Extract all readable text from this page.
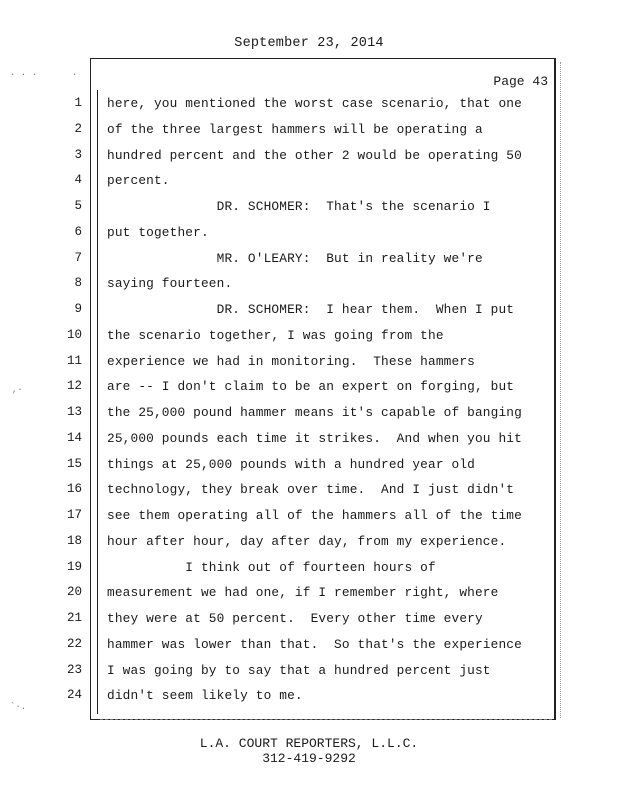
September 23, 2014
Page 43
1 here, you mentioned the worst case scenario, that one
2 of the three largest hammers will be operating a
3 hundred percent and the other 2 would be operating 50
4 percent.
5 DR. SCHOMER:  That's the scenario I
6 put together.
7 MR. O'LEARY:  But in reality we're
8 saying fourteen.
9 DR. SCHOMER:  I hear them.  When I put
10 the scenario together, I was going from the
11 experience we had in monitoring.  These hammers
12 are -- I don't claim to be an expert on forging, but
13 the 25,000 pound hammer means it's capable of banging
14 25,000 pounds each time it strikes.  And when you hit
15 things at 25,000 pounds with a hundred year old
16 technology, they break over time.  And I just didn't
17 see them operating all of the hammers all of the time
18 hour after hour, day after day, from my experience.
19 I think out of fourteen hours of
20 measurement we had one, if I remember right, where
21 they were at 50 percent.  Every other time every
22 hammer was lower than that.  So that's the experience
23 I was going by to say that a hundred percent just
24 didn't seem likely to me.
L.A. COURT REPORTERS, L.L.C.
312-419-9292
· · ·
,·
`·.
·
